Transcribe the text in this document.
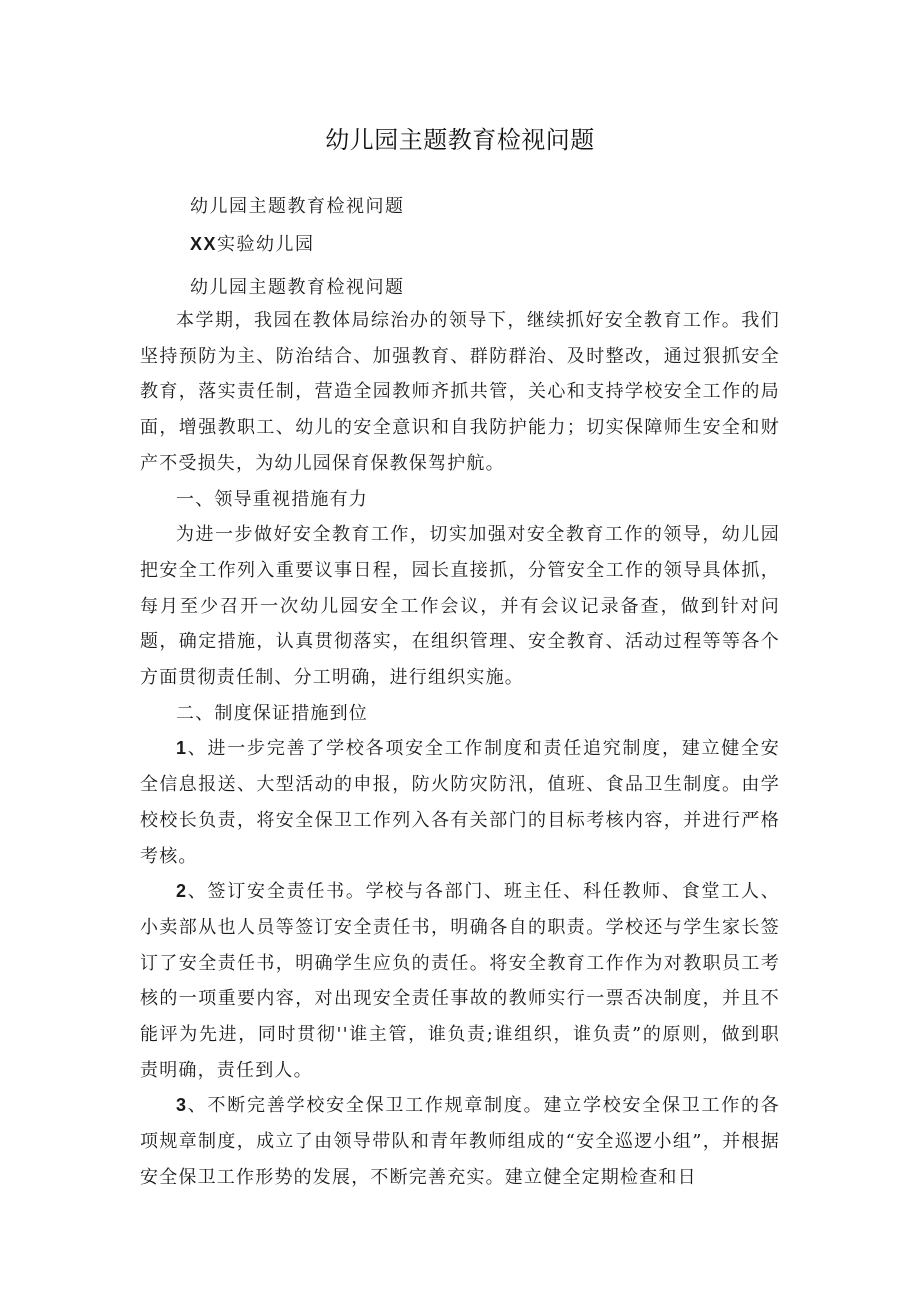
幼儿园主题教育检视问题
幼儿园主题教育检视问题
XX实验幼儿园
幼儿园主题教育检视问题

本学期，我园在教体局综治办的领导下，继续抓好安全教育工作。我们坚持预防为主、防治结合、加强教育、群防群治、及时整改，通过狠抓安全教育，落实责任制，营造全园教师齐抓共管，关心和支持学校安全工作的局面，增强教职工、幼儿的安全意识和自我防护能力；切实保障师生安全和财产不受损失，为幼儿园保育保教保驾护航。

一、领导重视措施有力

为进一步做好安全教育工作，切实加强对安全教育工作的领导，幼儿园把安全工作列入重要议事日程，园长直接抓，分管安全工作的领导具体抓，每月至少召开一次幼儿园安全工作会议，并有会议记录备查，做到针对问题，确定措施，认真贯彻落实，在组织管理、安全教育、活动过程等等各个方面贯彻责任制、分工明确，进行组织实施。

二、制度保证措施到位

1、进一步完善了学校各项安全工作制度和责任追究制度，建立健全安全信息报送、大型活动的申报，防火防灾防汛，值班、食品卫生制度。由学校校长负责，将安全保卫工作列入各有关部门的目标考核内容，并进行严格考核。

2、签订安全责任书。学校与各部门、班主任、科任教师、食堂工人、小卖部从也人员等签订安全责任书，明确各自的职责。学校还与学生家长签订了安全责任书，明确学生应负的责任。将安全教育工作作为对教职员工考核的一项重要内容，对出现安全责任事故的教师实行一票否决制度，并且不能评为先进，同时贯彻''谁主管，谁负责;谁组织，谁负责”的原则，做到职责明确，责任到人。

3、不断完善学校安全保卫工作规章制度。建立学校安全保卫工作的各项规章制度，成立了由领导带队和青年教师组成的“安全巡逻小组”，并根据安全保卫工作形势的发展，不断完善充实。建立健全定期检查和日
